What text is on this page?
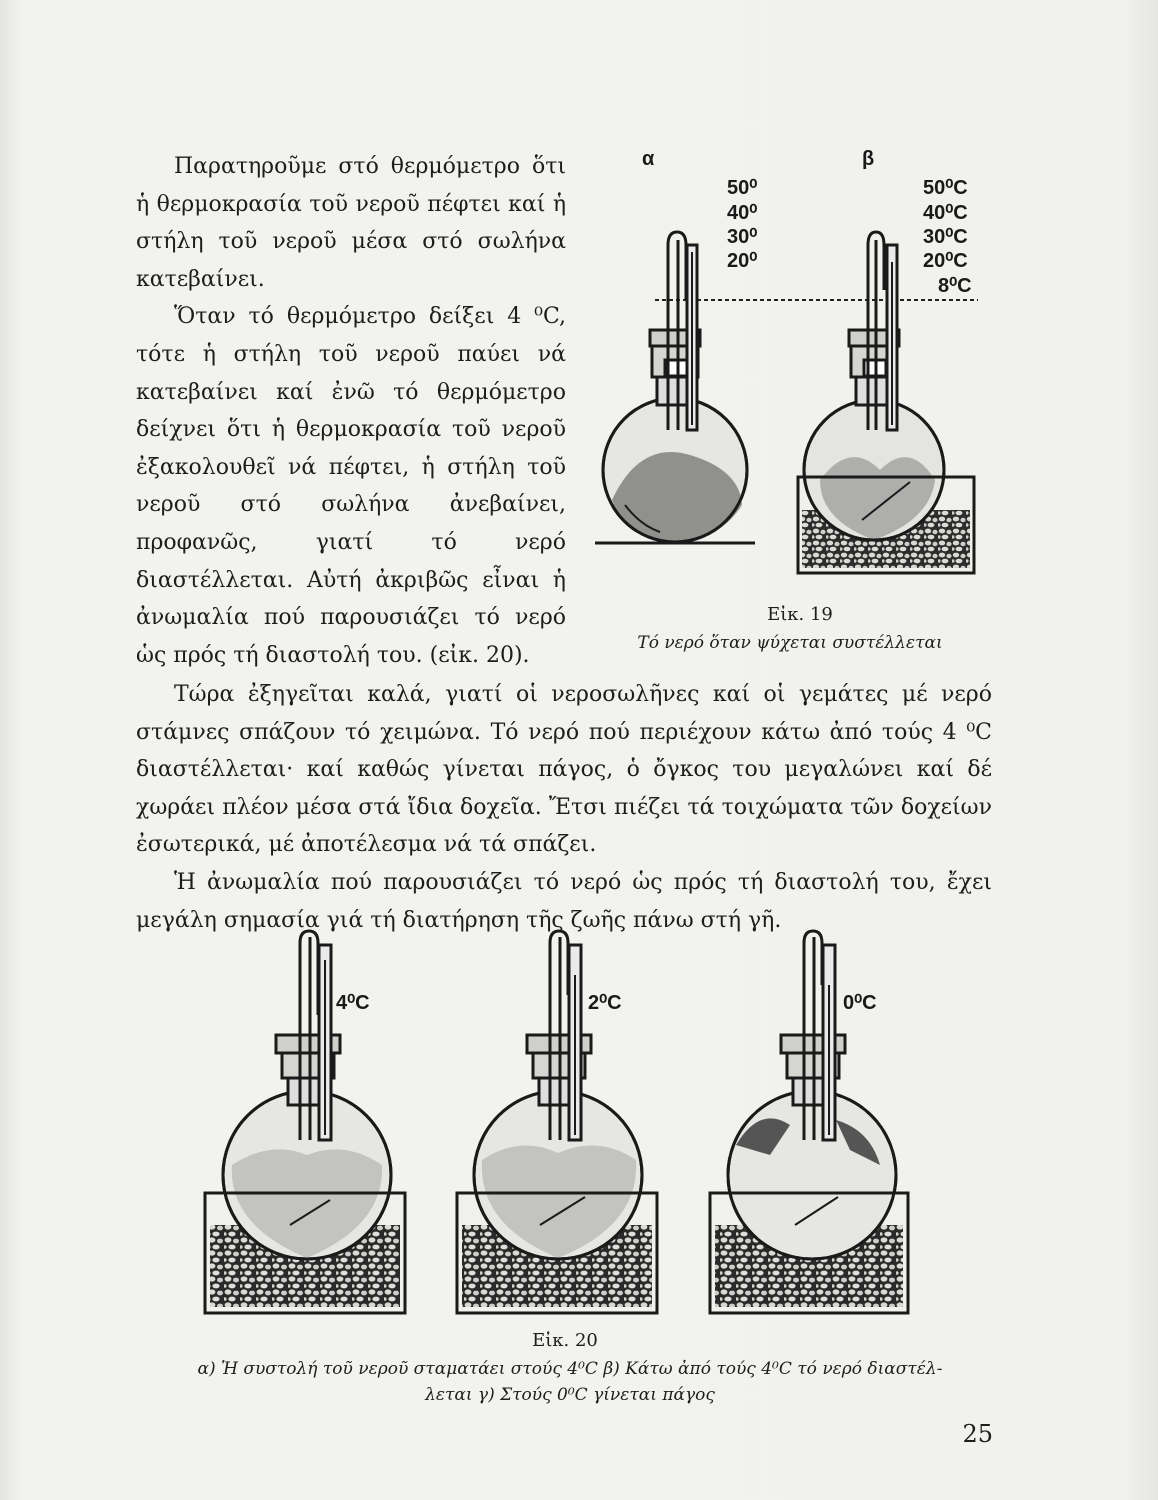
Παρατηροῦμε στό θερμόμετρο ὅτι ἡ θερμοκρασία τοῦ νεροῦ πέφτει καί ἡ στήλη τοῦ νεροῦ μέσα στό σωλήνα κατεβαίνει.

Ὅταν τό θερμόμετρο δείξει 4 ⁰C, τότε ἡ στήλη τοῦ νεροῦ παύει νά κατεβαίνει καί ἐνῶ τό θερμόμετρο δείχνει ὅτι ἡ θερμοκρασία τοῦ νεροῦ ἐξακολουθεῖ νά πέφτει, ἡ στήλη τοῦ νεροῦ στό σωλήνα ἀνεβαίνει, προφανῶς, γιατί τό νερό διαστέλλεται. Αὐτή ἀκριβῶς εἶναι ἡ ἀνωμαλία πού παρουσιάζει τό νερό ὡς πρός τή διαστολή του. (εἰκ. 20).

α	β
50⁰
40⁰
30⁰
20⁰
50⁰C
40⁰C
30⁰C
20⁰C
8⁰C
Εἰκ. 19
Τό νερό ὅταν ψύχεται συστέλλεται

Τώρα ἐξηγεῖται καλά, γιατί οἱ νεροσωλῆνες καί οἱ γεμάτες μέ νερό στάμνες σπάζουν τό χειμώνα. Τό νερό πού περιέχουν κάτω ἀπό τούς 4 ⁰C διαστέλλεται· καί καθώς γίνεται πάγος, ὁ ὄγκος του μεγαλώνει καί δέ χωράει πλέον μέσα στά ἴδια δοχεῖα. Ἔτσι πιέζει τά τοιχώματα τῶν δοχείων ἐσωτερικά, μέ ἀποτέλεσμα νά τά σπάζει.

Ἡ ἀνωμαλία πού παρουσιάζει τό νερό ὡς πρός τή διαστολή του, ἔχει μεγάλη σημασία γιά τή διατήρηση τῆς ζωῆς πάνω στή γῆ.

4⁰C	2⁰C	0⁰C
Εἰκ. 20
α) Ἡ συστολή τοῦ νεροῦ σταματάει στούς 4⁰C β) Κάτω ἀπό τούς 4⁰C τό νερό διαστέλ-
λεται γ) Στούς 0⁰C γίνεται πάγος
25
